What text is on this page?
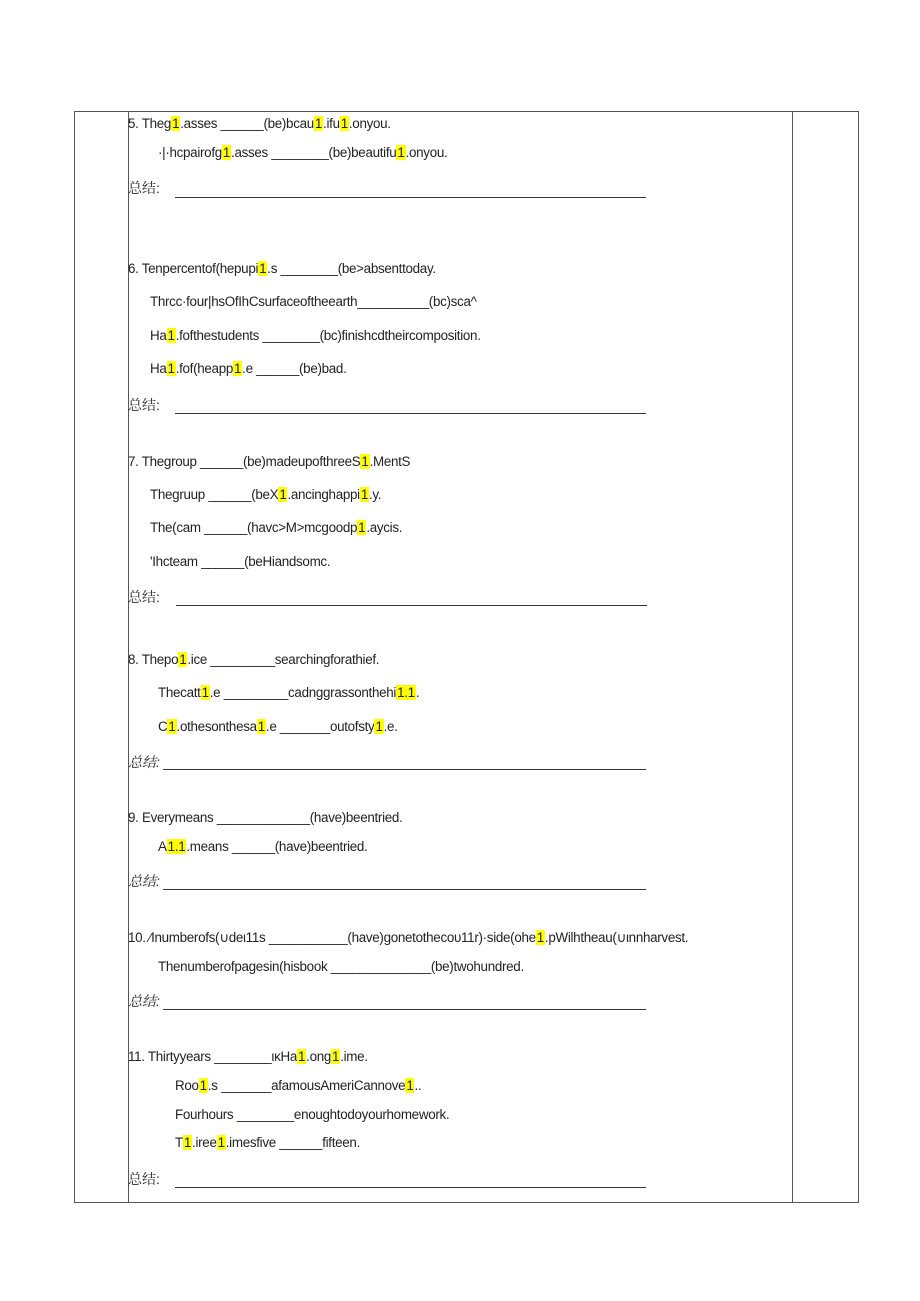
5. Theg1.asses ______(be)bcau1.ifu1.onyou.
·|·hcpairofg1.asses ________(be)beautifu1.onyou.
总结:
6. Tenpercentof(hepupi1.s ________(be>absenttoday.
Thrcc·four|hsOfIhCsurfaceoftheearth__________(bc)sca^
Ha1.fofthestudents ________(bc)finishcdtheircomposition.
Ha1.fof(heapp1.e ______(be)bad.
总结:
7. Thegroup ______(be)madeupofthreeS1.MentS
Thegruup ______(beX1.ancinghappi1.y.
The(cam ______(havc>M>mcgoodp1.aycis.
'Ihcteam ______(beHiandsomc.
总结:
8. Thepo1.ice _________searchingforathief.
Thecatt1.e _________cadnggrassonthehi1.1.
C1.othesonthesa1.e _______outofsty1.e.
总结:
9. Everymeans _____________(have)beentried.
A1.1.means ______(have)beentried.
总结:
10. ⁄Inumberofs(∪dеι11s ___________(have)gonetothecoυ11r)·side(ohe1.pWilhtheau(∪ιnnharvest.
Thenumberofpagesin(hisbook ______________(be)twohundred.
总结:
11. Thirtyyears ________ικHa1.ong1.ime.
Roo1.s _______afamousAmeriCannove1..
Fourhours ________enoughtodoyourhomework.
T1.iree1.imesfive ______fifteen.
总结:
